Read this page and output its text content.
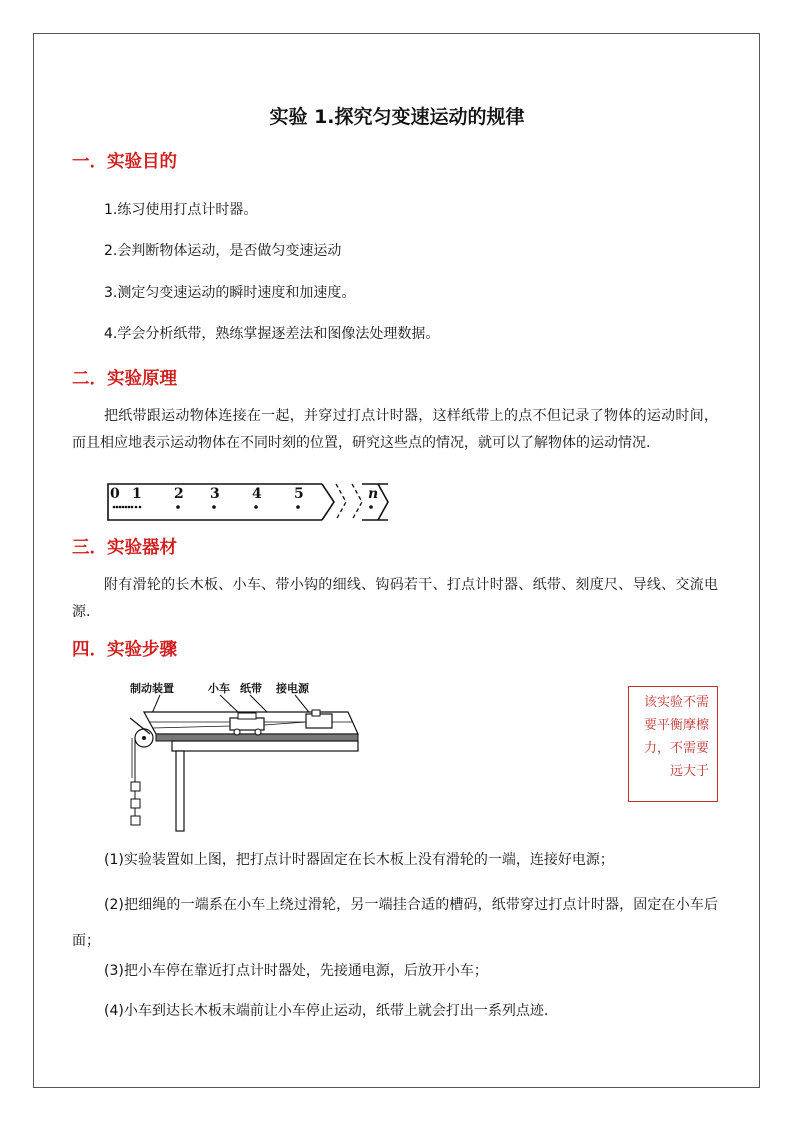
实验 1.探究匀变速运动的规律
一．实验目的
1.练习使用打点计时器。
2.会判断物体运动，是否做匀变速运动
3.测定匀变速运动的瞬时速度和加速度。
4.学会分析纸带，熟练掌握逐差法和图像法处理数据。
二．实验原理
把纸带跟运动物体连接在一起，并穿过打点计时器，这样纸带上的点不但记录了物体的运动时间，而且相应地表示运动物体在不同时刻的位置，研究这些点的情况，就可以了解物体的运动情况.
0 1 2 3 4 5	n
三．实验器材
附有滑轮的长木板、小车、带小钩的细线、钩码若干、打点计时器、纸带、刻度尺、导线、交流电源.
四．实验步骤
制动装置	小车 纸带 接电源
该实验不需要平衡摩檫力，不需要远大于
(1)实验装置如上图，把打点计时器固定在长木板上没有滑轮的一端，连接好电源；
(2)把细绳的一端系在小车上绕过滑轮，另一端挂合适的槽码，纸带穿过打点计时器，固定在小车后面；
(3)把小车停在靠近打点计时器处，先接通电源，后放开小车；
(4)小车到达长木板末端前让小车停止运动，纸带上就会打出一系列点迹.
